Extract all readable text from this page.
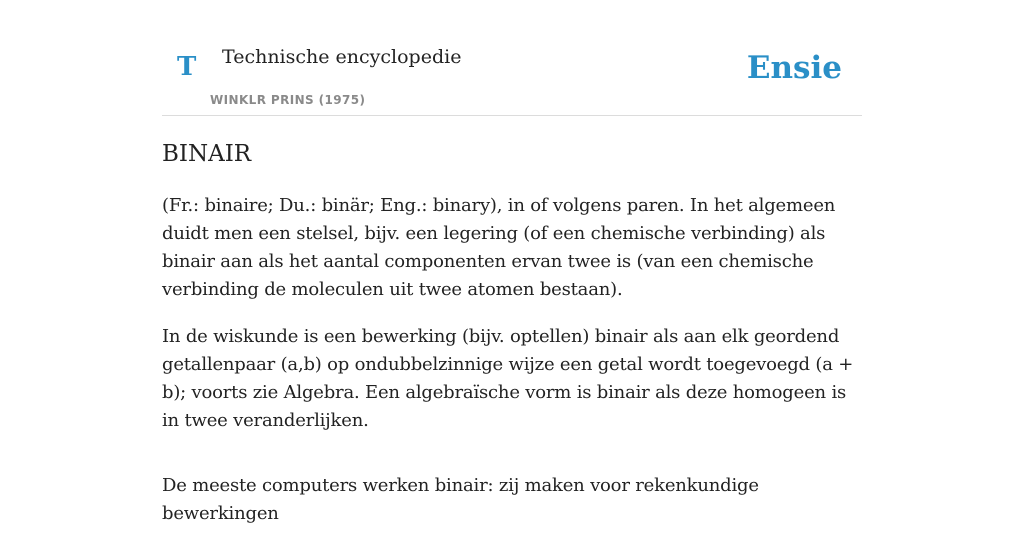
T Technische encyclopedie
WINKLR PRINS (1975)
Ensie
BINAIR

(Fr.: binaire; Du.: binär; Eng.: binary), in of volgens paren. In het algemeen duidt men een stelsel, bijv. een legering (of een chemische verbinding) als binair aan als het aantal componenten ervan twee is (van een chemische verbinding de moleculen uit twee atomen bestaan).

In de wiskunde is een bewerking (bijv. optellen) binair als aan elk geordend getallenpaar (a,b) op ondubbelzinnige wijze een getal wordt toegevoegd (a + b); voorts zie Algebra. Een algebraïsche vorm is binair als deze homogeen is in twee veranderlijken.

De meeste computers werken binair: zij maken voor rekenkundige bewerkingen
